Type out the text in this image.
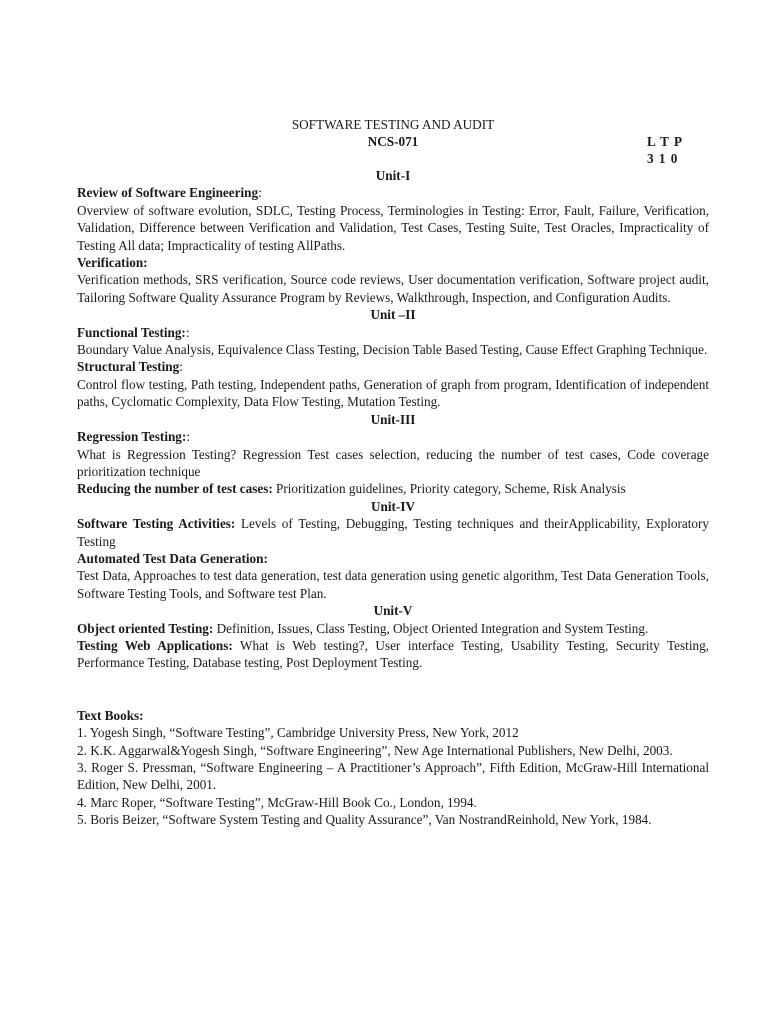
SOFTWARE TESTING AND AUDIT

NCS-071	L T P
3 1 0

Unit-I

Review of Software Engineering:

Overview of software evolution, SDLC, Testing Process, Terminologies in Testing: Error, Fault, Failure, Verification, Validation, Difference between Verification and Validation, Test Cases, Testing Suite, Test Oracles, Impracticality of Testing All data; Impracticality of testing AllPaths.

Verification:

Verification methods, SRS verification, Source code reviews, User documentation verification, Software project audit, Tailoring Software Quality Assurance Program by Reviews, Walkthrough, Inspection, and Configuration Audits.

Unit –II

Functional Testing::

Boundary Value Analysis, Equivalence Class Testing, Decision Table Based Testing, Cause Effect Graphing Technique.

Structural Testing:

Control flow testing, Path testing, Independent paths, Generation of graph from program, Identification of independent paths, Cyclomatic Complexity, Data Flow Testing, Mutation Testing.

Unit-III

Regression Testing::

What is Regression Testing? Regression Test cases selection, reducing the number of test cases, Code coverage prioritization technique

Reducing the number of test cases: Prioritization guidelines, Priority category, Scheme, Risk Analysis

Unit-IV

Software Testing Activities: Levels of Testing, Debugging, Testing techniques and theirApplicability, Exploratory Testing

Automated Test Data Generation:

Test Data, Approaches to test data generation, test data generation using genetic algorithm, Test Data Generation Tools, Software Testing Tools, and Software test Plan.

Unit-V

Object oriented Testing: Definition, Issues, Class Testing, Object Oriented Integration and System Testing.

Testing Web Applications: What is Web testing?, User interface Testing, Usability Testing, Security Testing, Performance Testing, Database testing, Post Deployment Testing.

Text Books:

1. Yogesh Singh, “Software Testing”, Cambridge University Press, New York, 2012

2. K.K. Aggarwal&Yogesh Singh, “Software Engineering”, New Age International Publishers, New Delhi, 2003.

3. Roger S. Pressman, “Software Engineering – A Practitioner’s Approach”, Fifth Edition, McGraw-Hill International Edition, New Delhi, 2001.

4. Marc Roper, “Software Testing”, McGraw-Hill Book Co., London, 1994.

5. Boris Beizer, “Software System Testing and Quality Assurance”, Van NostrandReinhold, New York, 1984.
